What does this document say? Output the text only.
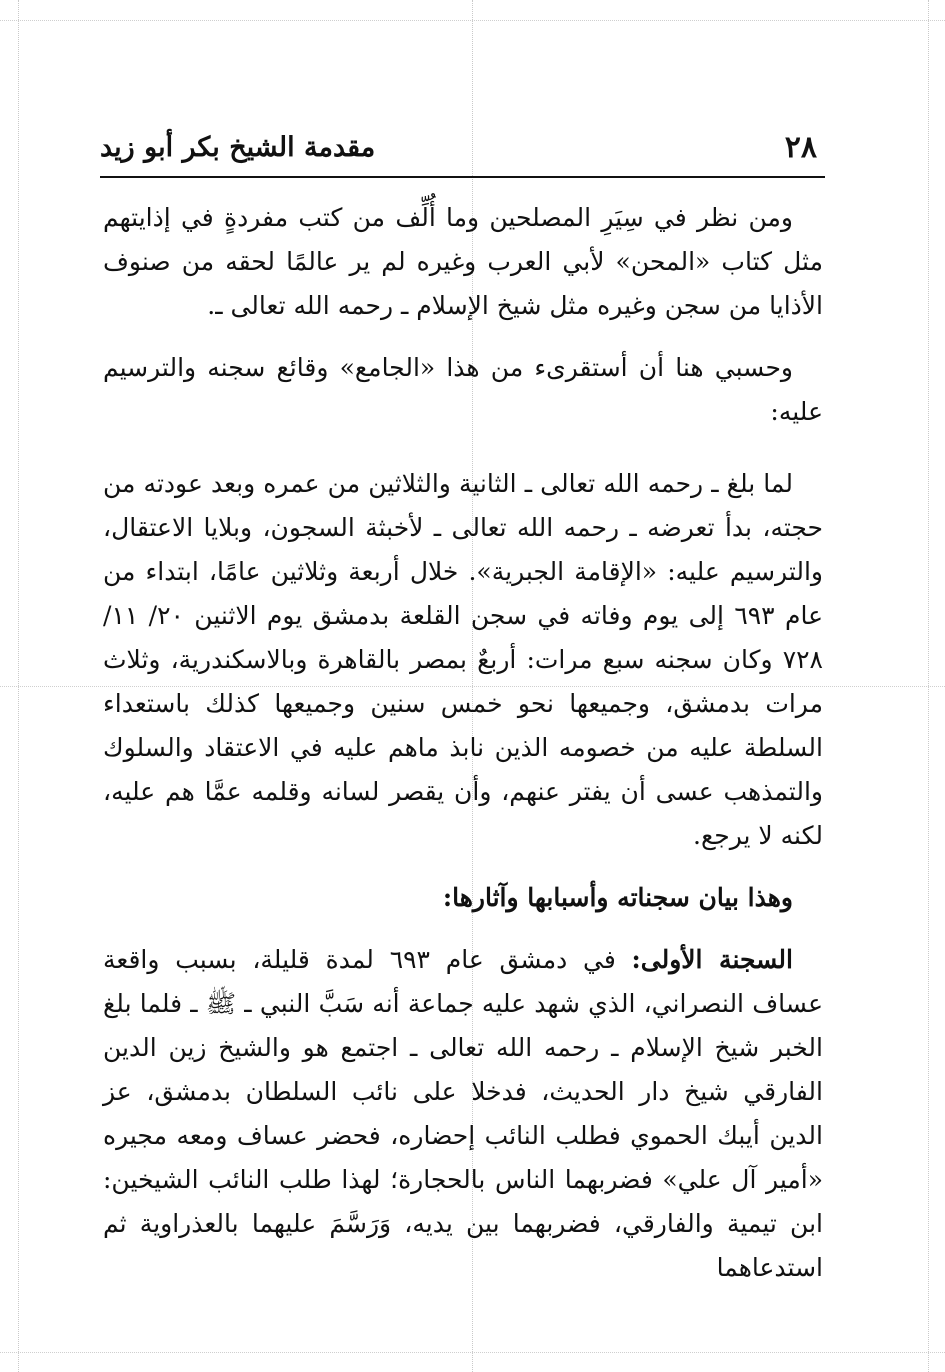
٢٨
مقدمة الشيخ بكر أبو زيد

ومن نظر في سِيَرِ المصلحين وما أُلِّف من كتب مفردةٍ في إذايتهم مثل كتاب «المحن» لأبي العرب وغيره لم ير عالمًا لحقه من صنوف الأذايا من سجن وغيره مثل شيخ الإسلام ـ رحمه الله تعالى ـ.

وحسبي هنا أن أستقرىء من هذا «الجامع» وقائع سجنه والترسيم عليه:

لما بلغ ـ رحمه الله تعالى ـ الثانية والثلاثين من عمره وبعد عودته من حجته، بدأ تعرضه ـ رحمه الله تعالى ـ لأخبثة السجون، وبلايا الاعتقال، والترسيم عليه: «الإقامة الجبرية». خلال أربعة وثلاثين عامًا، ابتداء من عام ٦٩٣ إلى يوم وفاته في سجن القلعة بدمشق يوم الاثنين ٢٠/ ١١/ ٧٢٨ وكان سجنه سبع مرات: أربعٌ بمصر بالقاهرة وبالاسكندرية، وثلاث مرات بدمشق، وجميعها نحو خمس سنين وجميعها كذلك باستعداء السلطة عليه من خصومه الذين نابذ ماهم عليه في الاعتقاد والسلوك والتمذهب عسى أن يفتر عنهم، وأن يقصر لسانه وقلمه عمَّا هم عليه، لكنه لا يرجع.

وهذا بيان سجناته وأسبابها وآثارها:

السجنة الأولى: في دمشق عام ٦٩٣ لمدة قليلة، بسبب واقعة عساف النصراني، الذي شهد عليه جماعة أنه سَبَّ النبي ـ ﷺ ـ فلما بلغ الخبر شيخ الإسلام ـ رحمه الله تعالى ـ اجتمع هو والشيخ زين الدين الفارقي شيخ دار الحديث، فدخلا على نائب السلطان بدمشق، عز الدين أيبك الحموي فطلب النائب إحضاره، فحضر عساف ومعه مجيره «أمير آل علي» فضربهما الناس بالحجارة؛ لهذا طلب النائب الشيخين: ابن تيمية والفارقي، فضربهما بين يديه، وَرَسَّمَ عليهما بالعذراوية ثم استدعاهما
